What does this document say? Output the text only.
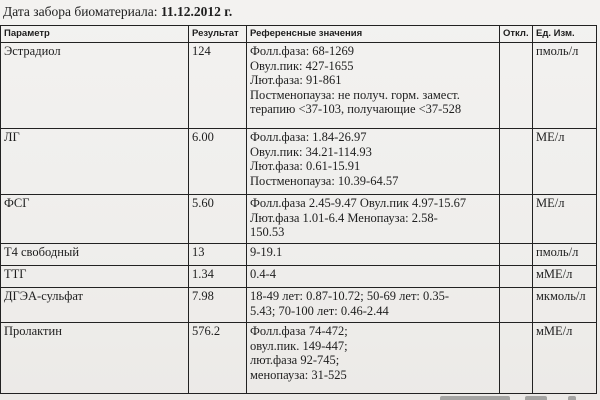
Дата забора биоматериала: 11.12.2012 г.
Параметр	Результат	Референсные значения	Откл.	Ед. Изм.
Эстрадиол	124	Фолл.фаза: 68-1269
Овул.пик: 427-1655
Лют.фаза: 91-861
Постменопауза: не получ. горм. замест.
терапию <37-103, получающие <37-528		пмоль/л
ЛГ	6.00	Фолл.фаза: 1.84-26.97
Овул.пик: 34.21-114.93
Лют.фаза: 0.61-15.91
Постменопауза: 10.39-64.57		МЕ/л
ФСГ	5.60	Фолл.фаза 2.45-9.47 Овул.пик 4.97-15.67
Лют.фаза 1.01-6.4 Менопауза: 2.58-
150.53		МЕ/л
Т4 свободный	13	9-19.1		пмоль/л
ТТГ	1.34	0.4-4		мМЕ/л
ДГЭА-сульфат	7.98	18-49 лет: 0.87-10.72; 50-69 лет: 0.35-
5.43; 70-100 лет: 0.46-2.44		мкмоль/л
Пролактин	576.2	Фолл.фаза 74-472;
овул.пик. 149-447;
лют.фаза 92-745;
менопауза: 31-525		мМЕ/л
